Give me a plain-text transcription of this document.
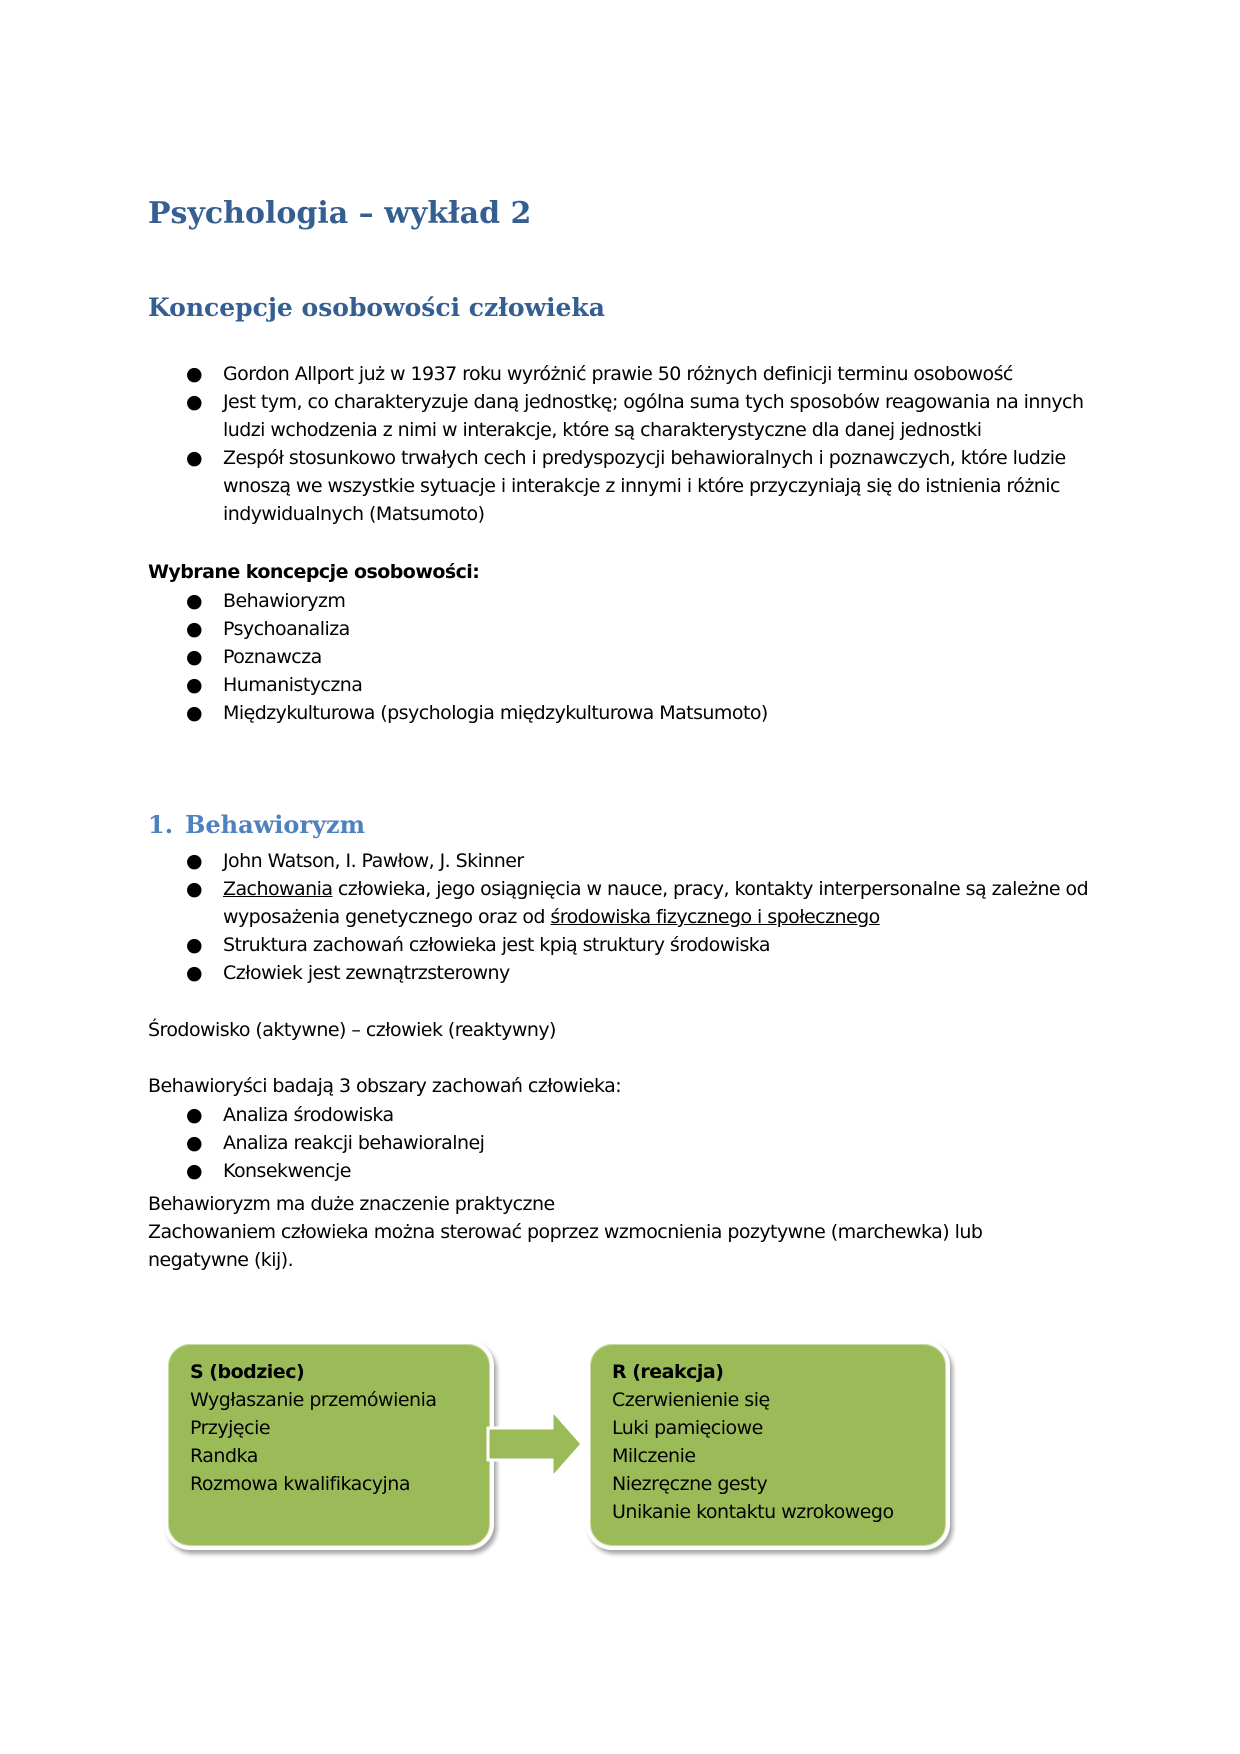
Psychologia – wykład 2
Koncepcje osobowości człowieka
● Gordon Allport już w 1937 roku wyróżnić prawie 50 różnych definicji terminu osobowość
● Jest tym, co charakteryzuje daną jednostkę; ogólna suma tych sposobów reagowania na innych ludzi wchodzenia z nimi w interakcje, które są charakterystyczne dla danej jednostki
● Zespół stosunkowo trwałych cech i predyspozycji behawioralnych i poznawczych, które ludzie wnoszą we wszystkie sytuacje i interakcje z innymi i które przyczyniają się do istnienia różnic indywidualnych (Matsumoto)
Wybrane koncepcje osobowości:
● Behawioryzm
● Psychoanaliza
● Poznawcza
● Humanistyczna
● Międzykulturowa (psychologia międzykulturowa Matsumoto)
1. Behawioryzm
● John Watson, I. Pawłow, J. Skinner
● Zachowania człowieka, jego osiągnięcia w nauce, pracy, kontakty interpersonalne są zależne od wyposażenia genetycznego oraz od środowiska fizycznego i społecznego
● Struktura zachowań człowieka jest kpią struktury środowiska
● Człowiek jest zewnątrzsterowny
Środowisko (aktywne) – człowiek (reaktywny)
Behawioryści badają 3 obszary zachowań człowieka:
● Analiza środowiska
● Analiza reakcji behawioralnej
● Konsekwencje
Behawioryzm ma duże znaczenie praktyczne
Zachowaniem człowieka można sterować poprzez wzmocnienia pozytywne (marchewka) lub negatywne (kij).
S (bodziec)
Wygłaszanie przemówienia
Przyjęcie
Randka
Rozmowa kwalifikacyjna
R (reakcja)
Czerwienienie się
Luki pamięciowe
Milczenie
Niezręczne gesty
Unikanie kontaktu wzrokowego
